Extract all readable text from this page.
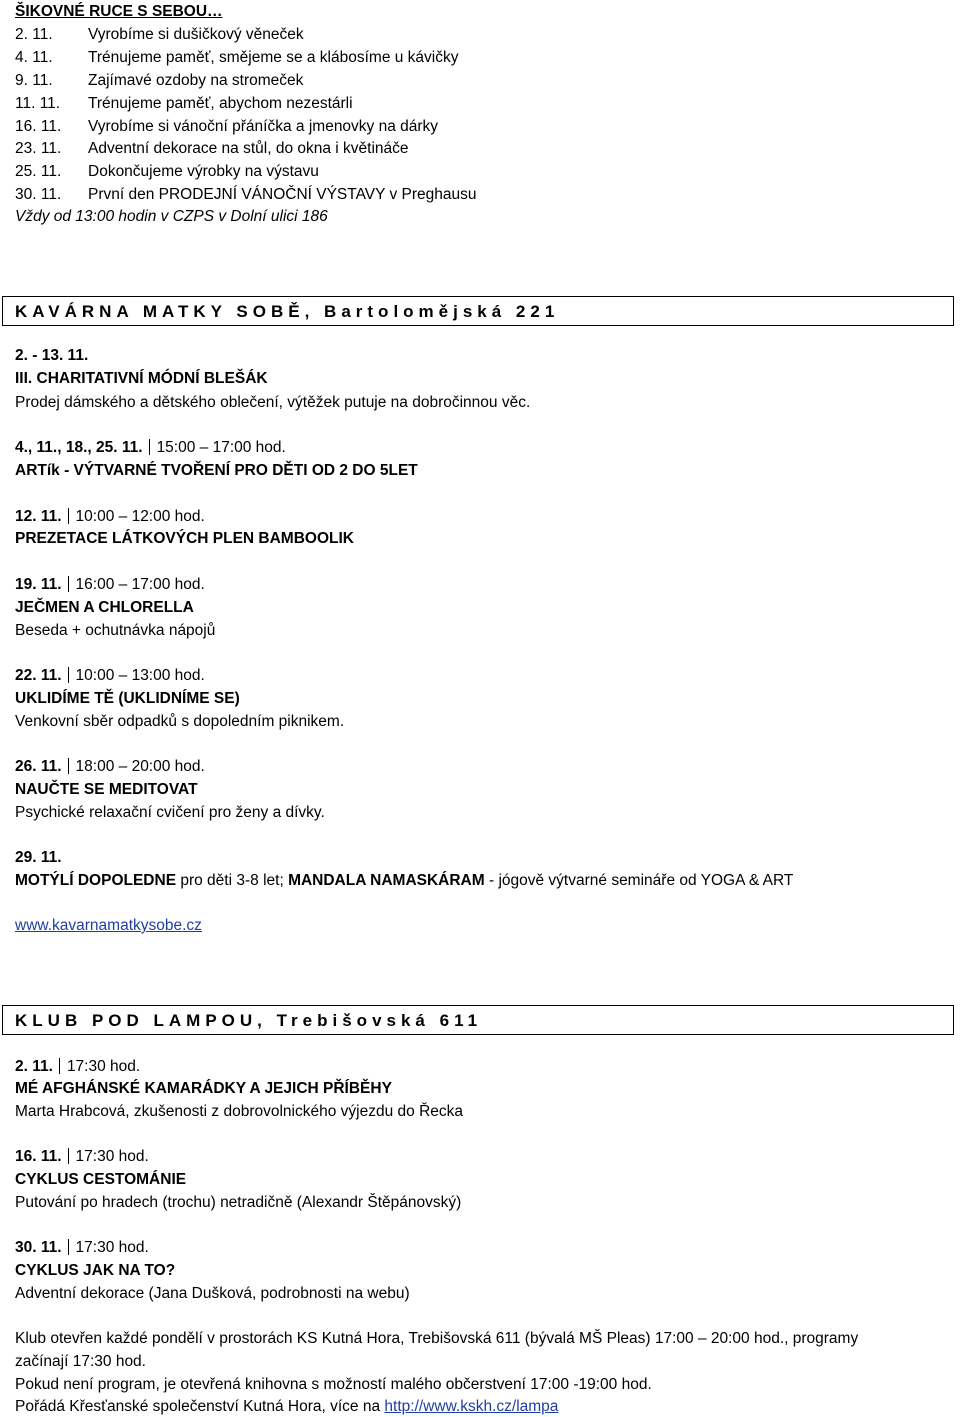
ŠIKOVNÉ RUCE S SEBOU…
2. 11. Vyrobíme si dušičkový věneček
4. 11. Trénujeme paměť, smějeme se a klábosíme u kávičky
9. 11. Zajímavé ozdoby na stromeček
11. 11. Trénujeme paměť, abychom nezestárli
16. 11. Vyrobíme si vánoční přáníčka a jmenovky na dárky
23. 11. Adventní dekorace na stůl, do okna i květináče
25. 11. Dokončujeme výrobky na výstavu
30. 11. První den PRODEJNÍ VÁNOČNÍ VÝSTAVY v Preghausu
Vždy od 13:00 hodin v CZPS v Dolní ulici 186
KAVÁRNA MATKY SOBĚ, Bartolomějská 221
2. - 13. 11.
III. CHARITATIVNÍ MÓDNÍ BLEŠÁK
Prodej dámského a dětského oblečení, výtěžek putuje na dobročinnou věc.
4., 11., 18., 25. 11. 15:00 – 17:00 hod.
ARTík - VÝTVARNÉ TVOŘENÍ PRO DĚTI OD 2 DO 5LET
12. 11. 10:00 – 12:00 hod.
PREZETACE LÁTKOVÝCH PLEN BAMBOOLIK
19. 11. 16:00 – 17:00 hod.
JEČMEN A CHLORELLA
Beseda + ochutnávka nápojů
22. 11. 10:00 – 13:00 hod.
UKLIDÍME TĚ (UKLIDNÍME SE)
Venkovní sběr odpadků s dopoledním piknikem.
26. 11. 18:00 – 20:00 hod.
NAUČTE SE MEDITOVAT
Psychické relaxační cvičení pro ženy a dívky.
29. 11.
MOTÝLÍ DOPOLEDNE pro děti 3-8 let; MANDALA NAMASKÁRAM - jógově výtvarné semináře od YOGA & ART
www.kavarnamatkysobe.cz
KLUB POD LAMPOU, Trebišovská 611
2. 11. 17:30 hod.
MÉ AFGHÁNSKÉ KAMARÁDKY A JEJICH PŘÍBĚHY
Marta Hrabcová, zkušenosti z dobrovolnického výjezdu do Řecka
16. 11. 17:30 hod.
CYKLUS CESTOMÁNIE
Putování po hradech (trochu) netradičně (Alexandr Štěpánovský)
30. 11. 17:30 hod.
CYKLUS JAK NA TO?
Adventní dekorace (Jana Dušková, podrobnosti na webu)
Klub otevřen každé pondělí v prostorách KS Kutná Hora, Trebišovská 611 (bývalá MŠ Pleas) 17:00 – 20:00 hod., programy
začínají 17:30 hod.
Pokud není program, je otevřená knihovna s možností malého občerstvení 17:00 -19:00 hod.
Pořádá Křesťanské společenství Kutná Hora, více na http://www.kskh.cz/lampa
